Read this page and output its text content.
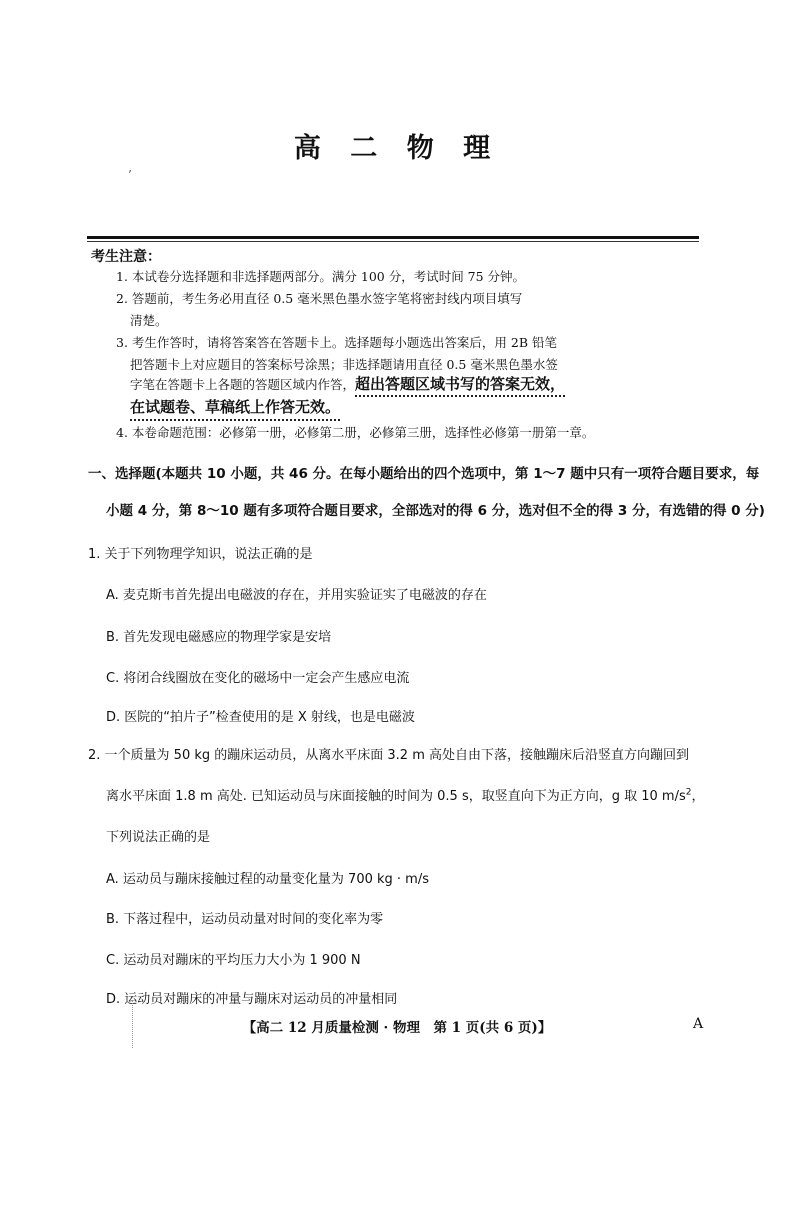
高 二 物 理
’
考生注意：
1. 本试卷分选择题和非选择题两部分。满分 100 分，考试时间 75 分钟。
2. 答题前，考生务必用直径 0.5 毫米黑色墨水签字笔将密封线内项目填写
清楚。
3. 考生作答时，请将答案答在答题卡上。选择题每小题选出答案后，用 2B 铅笔
把答题卡上对应题目的答案标号涂黑；非选择题请用直径 0.5 毫米黑色墨水签
字笔在答题卡上各题的答题区域内作答，超出答题区域书写的答案无效，
在试题卷、草稿纸上作答无效。
4. 本卷命题范围：必修第一册，必修第二册，必修第三册，选择性必修第一册第一章。
一、选择题(本题共 10 小题，共 46 分。在每小题给出的四个选项中，第 1～7 题中只有一项符合题目要求，每
小题 4 分，第 8～10 题有多项符合题目要求，全部选对的得 6 分，选对但不全的得 3 分，有选错的得 0 分)
1. 关于下列物理学知识，说法正确的是
A. 麦克斯韦首先提出电磁波的存在，并用实验证实了电磁波的存在
B. 首先发现电磁感应的物理学家是安培
C. 将闭合线圈放在变化的磁场中一定会产生感应电流
D. 医院的“拍片子”检查使用的是 X 射线，也是电磁波
2. 一个质量为 50 kg 的蹦床运动员，从离水平床面 3.2 m 高处自由下落，接触蹦床后沿竖直方向蹦回到
离水平床面 1.8 m 高处. 已知运动员与床面接触的时间为 0.5 s，取竖直向下为正方向，g 取 10 $m/s^2$，
下列说法正确的是
A. 运动员与蹦床接触过程的动量变化量为 700 kg · m/s
B. 下落过程中，运动员动量对时间的变化率为零
C. 运动员对蹦床的平均压力大小为 1 900 N
D. 运动员对蹦床的冲量与蹦床对运动员的冲量相同
【高二 12 月质量检测 · 物理　第 1 页(共 6 页)】	A
